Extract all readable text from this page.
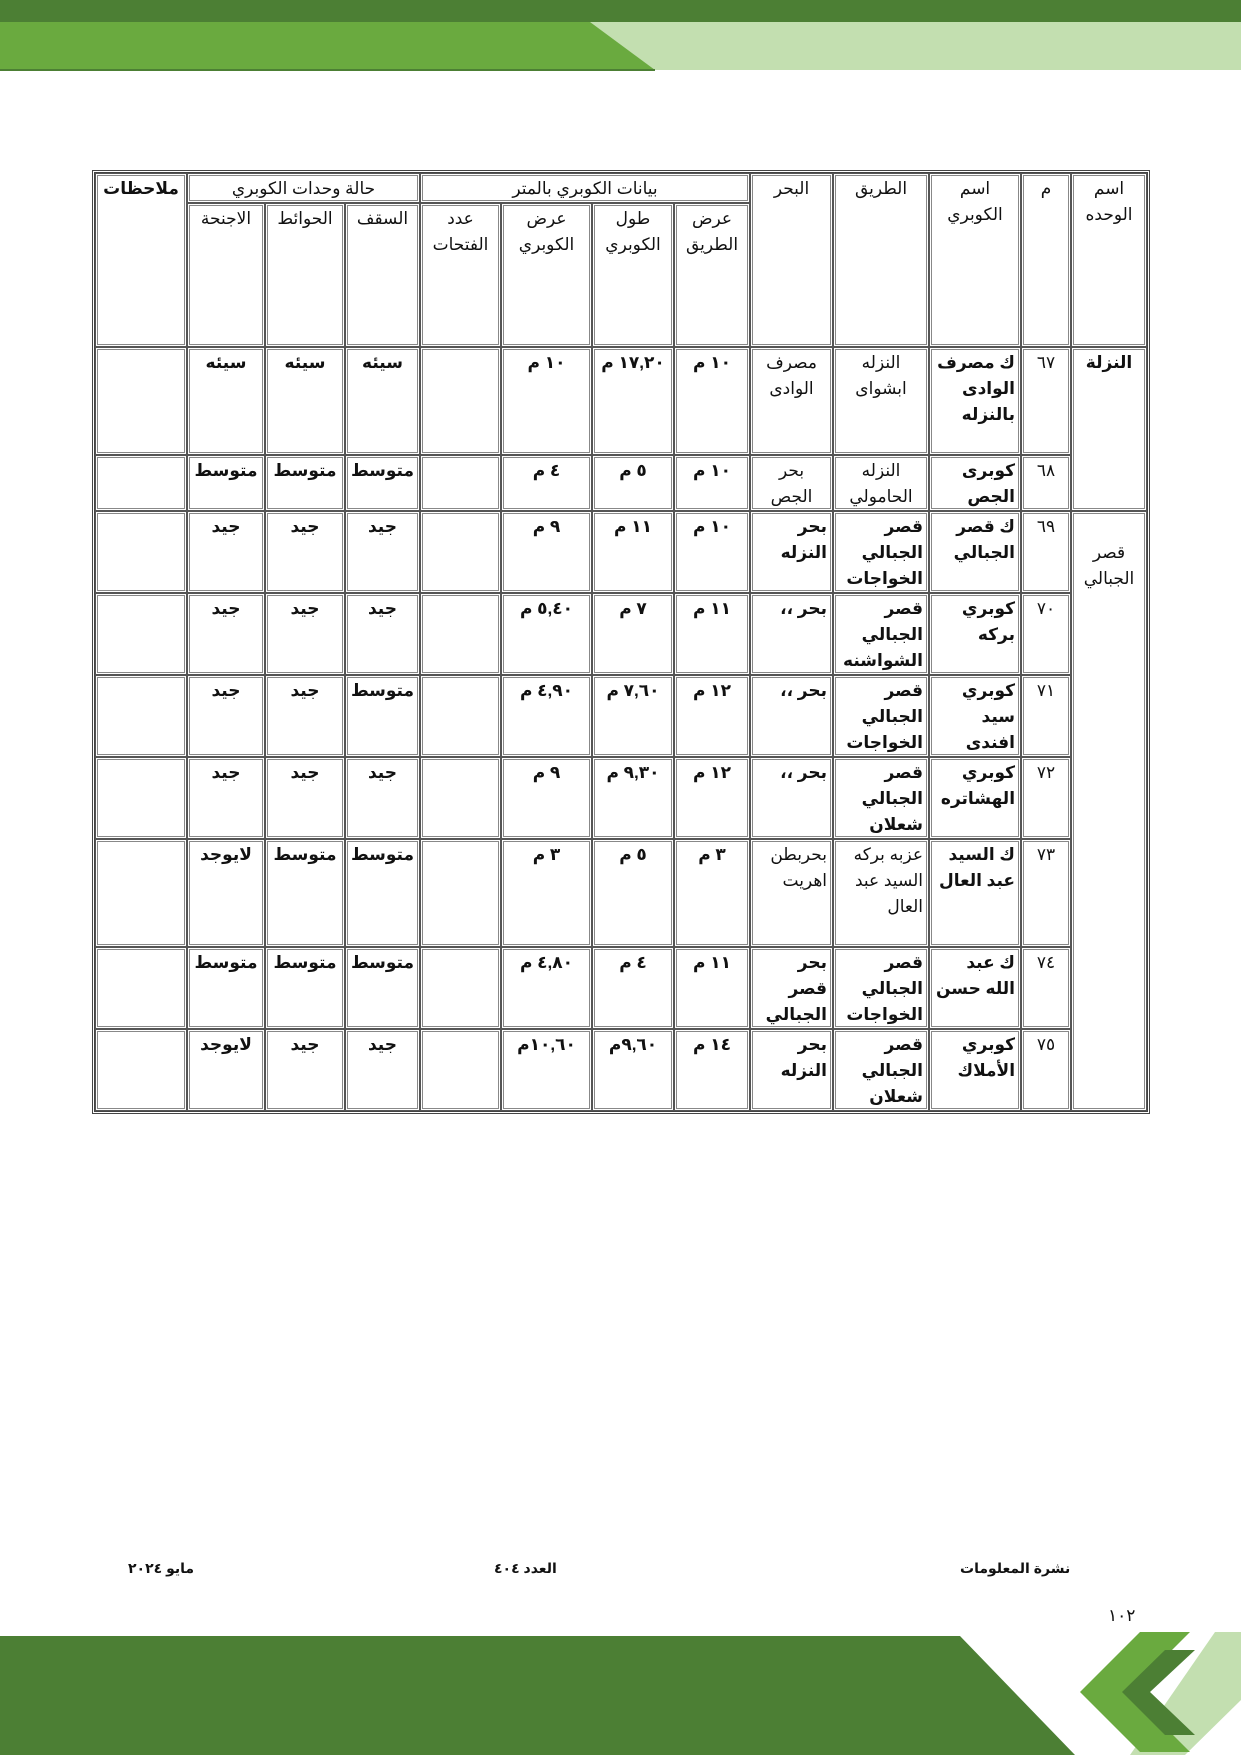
اسم الوحده	م	اسم الكوبري	الطريق	البحر	بيانات الكوبري بالمتر				حالة وحدات الكوبري			ملاحظات
					عرض الطريق	طول الكوبري	عرض الكوبري	عدد الفتحات	السقف	الحوائط	الاجنحة	
النزلة	٦٧	ك مصرف الوادى بالنزله	النزله ابشواى	مصرف الوادى	١٠ م	١٧,٢٠ م	١٠ م		سيئه	سيئه	سيئه	
	٦٨	كوبرى الجص	النزله الحامولي	بحر الجص	١٠ م	٥ م	٤ م		متوسط	متوسط	متوسط	
قصر الجبالي	٦٩	ك قصر الجبالي	قصر الجبالي الخواجات	بحر النزله	١٠ م	١١ م	٩ م		جيد	جيد	جيد	
	٧٠	كوبري بركه	قصر الجبالي الشواشنه	بحر ،،	١١ م	٧ م	٥,٤٠ م		جيد	جيد	جيد	
	٧١	كوبري سيد افندى	قصر الجبالي الخواجات	بحر ،،	١٢ م	٧,٦٠ م	٤,٩٠ م		متوسط	جيد	جيد	
	٧٢	كوبري الهشاتره	قصر الجبالي شعلان	بحر ،،	١٢ م	٩,٣٠ م	٩ م		جيد	جيد	جيد	
	٧٣	ك السيد عبد العال	عزبه بركه السيد عبد العال	بحربطن اهريت	٣ م	٥ م	٣ م		متوسط	متوسط	لايوجد	
	٧٤	ك عبد الله حسن	قصر الجبالي الخواجات	بحر قصر الجبالي	١١ م	٤ م	٤,٨٠ م		متوسط	متوسط	متوسط	
	٧٥	كوبري الأملاك	قصر الجبالي شعلان	بحر النزله	١٤ م	٩,٦٠م	١٠,٦٠م		جيد	جيد	لايوجد	
نشرة المعلومات
العدد ٤٠٤
مايو ٢٠٢٤
١٠٢
